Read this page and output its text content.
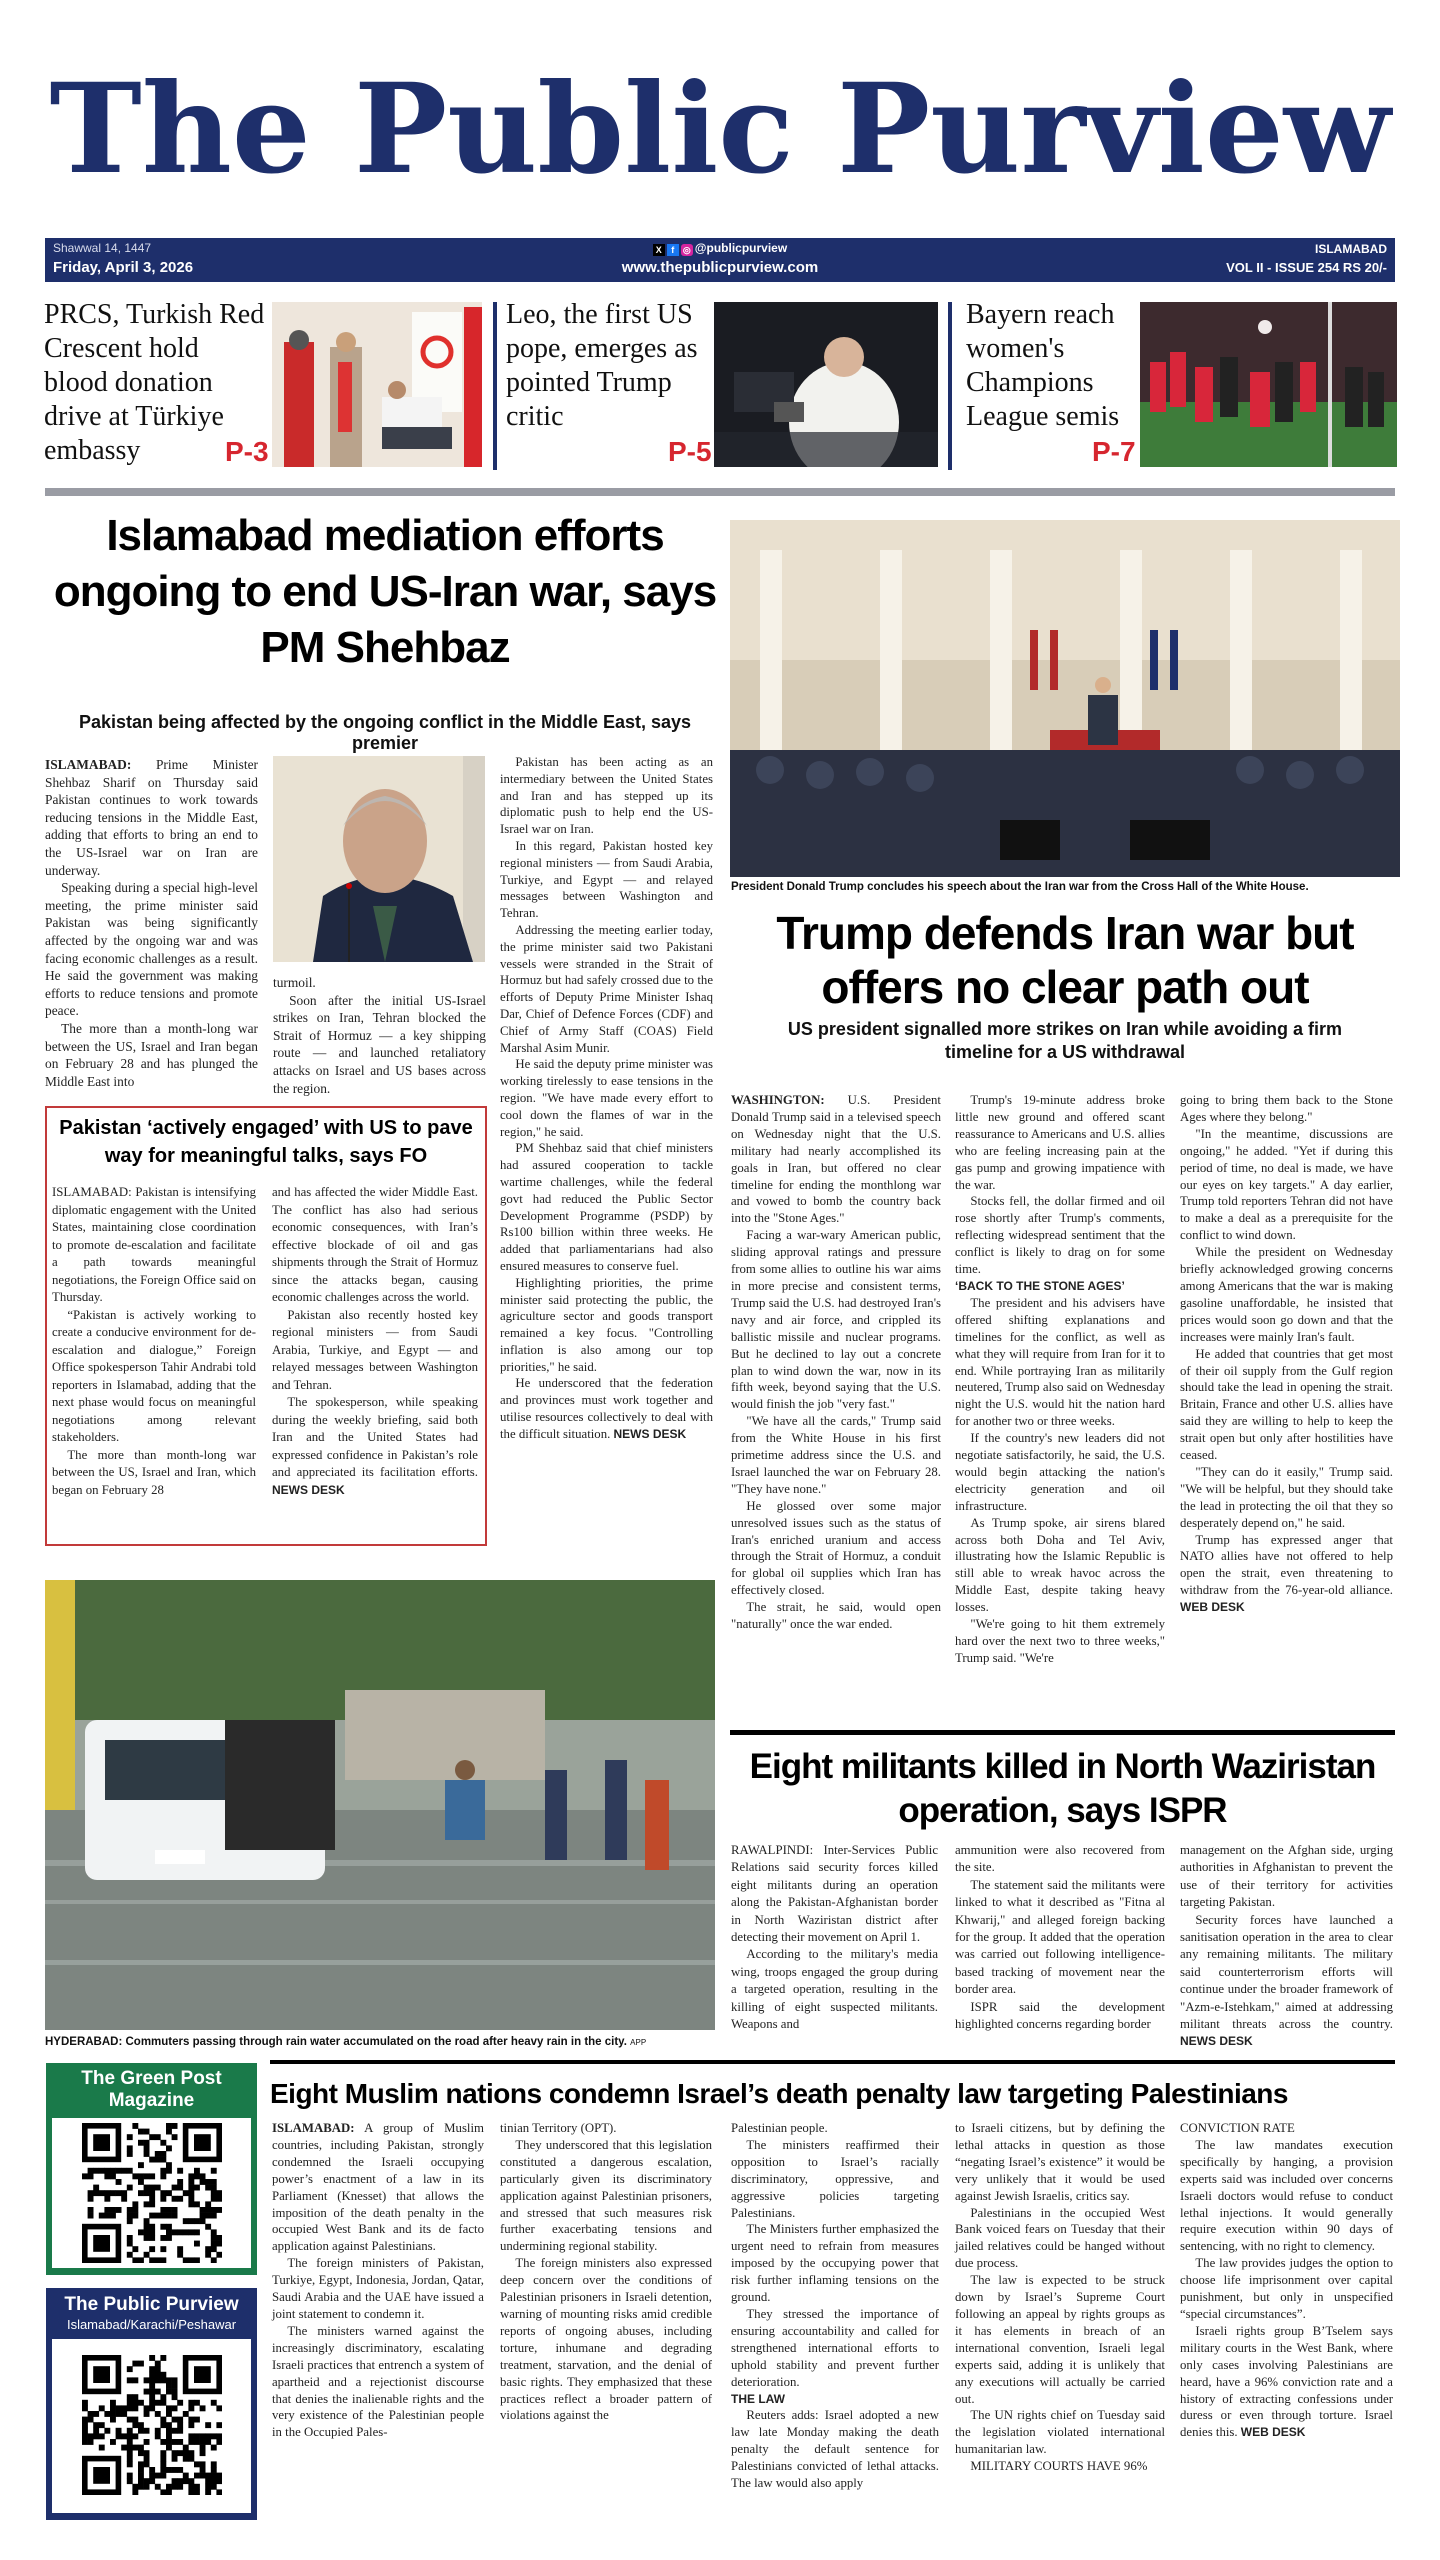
The Public Purview
Shawwal 14, 1447
Friday, April 3, 2026
X f ◎ @publicpurview
www.thepublicpurview.com
ISLAMABAD
VOL II - ISSUE 254 RS 20/-
PRCS, Turkish Red Crescent hold blood donation drive at Türkiye embassy	P-3
Leo, the first US pope, emerges as pointed Trump critic
P-5
Bayern reach women's Champions League semis
P-7
Islamabad mediation efforts ongoing to end US-Iran war, says PM Shehbaz
Pakistan being affected by the ongoing conflict in the Middle East, says premier

ISLAMABAD: Prime Minister Shehbaz Sharif on Thursday said Pakistan continues to work towards reducing tensions in the Middle East, adding that efforts to bring an end to the US-Israel war on Iran are underway.

Speaking during a special high-level meeting, the prime minister said Pakistan was being significantly affected by the ongoing war and was facing economic challenges as a result. He said the government was making efforts to reduce tensions and promote peace.

The more than a month-long war between the US, Israel and Iran began on February 28 and has plunged the Middle East into

turmoil.

Soon after the initial US-Israel strikes on Iran, Tehran blocked the Strait of Hormuz — a key shipping route — and launched retaliatory attacks on Israel and US bases across the region.

Pakistan has been acting as an intermediary between the United States and Iran and has stepped up its diplomatic push to help end the US-Israel war on Iran.

In this regard, Pakistan hosted key regional ministers — from Saudi Arabia, Turkiye, and Egypt — and relayed messages between Washington and Tehran.

Addressing the meeting earlier today, the prime minister said two Pakistani vessels were stranded in the Strait of Hormuz but had safely crossed due to the efforts of Deputy Prime Minister Ishaq Dar, Chief of Defence Forces (CDF) and Chief of Army Staff (COAS) Field Marshal Asim Munir.

He said the deputy prime minister was working tirelessly to ease tensions in the region. "We have made every effort to cool down the flames of war in the region," he said.

PM Shehbaz said that chief ministers had assured cooperation to tackle wartime challenges, while the federal govt had reduced the Public Sector Development Programme (PSDP) by Rs100 billion within three weeks. He added that parliamentarians had also ensured measures to conserve fuel.

Highlighting priorities, the prime minister said protecting the public, the agriculture sector and goods transport remained a key focus. "Controlling inflation is also among our top priorities," he said.

He underscored that the federation and provinces must work together and utilise resources collectively to deal with the difficult situation. NEWS DESK

Pakistan ‘actively engaged’ with US to pave way for meaningful talks, says FO

ISLAMABAD: Pakistan is intensifying diplomatic engagement with the United States, maintaining close coordination to promote de-escalation and facilitate a path towards meaningful negotiations, the Foreign Office said on Thursday.

“Pakistan is actively working to create a conducive environment for de-escalation and dialogue,” Foreign Office spokesperson Tahir Andrabi told reporters in Islamabad, adding that the next phase would focus on meaningful negotiations among relevant stakeholders.

The more than month-long war between the US, Israel and Iran, which began on February 28

and has affected the wider Middle East. The conflict has also had serious economic consequences, with Iran’s effective blockade of oil and gas shipments through the Strait of Hormuz since the attacks began, causing economic challenges across the world.

Pakistan also recently hosted key regional ministers — from Saudi Arabia, Turkiye, and Egypt — and relayed messages between Washington and Tehran.

The spokesperson, while speaking during the weekly briefing, said both Iran and the United States had expressed confidence in Pakistan’s role and appreciated its facilitation efforts. NEWS DESK

President Donald Trump concludes his speech about the Iran war from the Cross Hall of the White House.
Trump defends Iran war but offers no clear path out
US president signalled more strikes on Iran while avoiding a firm timeline for a US withdrawal

WASHINGTON: U.S. President Donald Trump said in a televised speech on Wednesday night that the U.S. military had nearly accomplished its goals in Iran, but offered no clear timeline for ending the monthlong war and vowed to bomb the country back into the "Stone Ages."

Facing a war-wary American public, sliding approval ratings and pressure from some allies to outline his war aims in more precise and consistent terms, Trump said the U.S. had destroyed Iran's navy and air force, and crippled its ballistic missile and nuclear programs. But he declined to lay out a concrete plan to wind down the war, now in its fifth week, beyond saying that the U.S. would finish the job "very fast."

"We have all the cards," Trump said from the White House in his first primetime address since the U.S. and Israel launched the war on February 28. "They have none."

He glossed over some major unresolved issues such as the status of Iran's enriched uranium and access through the Strait of Hormuz, a conduit for global oil supplies which Iran has effectively closed.

The strait, he said, would open "naturally" once the war ended.

Trump's 19-minute address broke little new ground and offered scant reassurance to Americans and U.S. allies who are feeling increasing pain at the gas pump and growing impatience with the war.

Stocks fell, the dollar firmed and oil rose shortly after Trump's comments, reflecting widespread sentiment that the conflict is likely to drag on for some time.

‘BACK TO THE STONE AGES’

The president and his advisers have offered shifting explanations and timelines for the conflict, as well as what they will require from Iran for it to end. While portraying Iran as militarily neutered, Trump also said on Wednesday night the U.S. would hit the nation hard for another two or three weeks.

If the country's new leaders did not negotiate satisfactorily, he said, the U.S. would begin attacking the nation's electricity generation and oil infrastructure.

As Trump spoke, air sirens blared across both Doha and Tel Aviv, illustrating how the Islamic Republic is still able to wreak havoc across the Middle East, despite taking heavy losses.

"We're going to hit them extremely hard over the next two to three weeks," Trump said. "We're

going to bring them back to the Stone Ages where they belong."

"In the meantime, discussions are ongoing," he added. "Yet if during this period of time, no deal is made, we have our eyes on key targets." A day earlier, Trump told reporters Tehran did not have to make a deal as a prerequisite for the conflict to wind down.

While the president on Wednesday briefly acknowledged growing concerns among Americans that the war is making gasoline unaffordable, he insisted that prices would soon go down and that the increases were mainly Iran's fault.

He added that countries that get most of their oil supply from the Gulf region should take the lead in opening the strait. Britain, France and other U.S. allies have said they are willing to help to keep the strait open but only after hostilities have ceased.

"They can do it easily," Trump said. "We will be helpful, but they should take the lead in protecting the oil that they so desperately depend on," he said.

Trump has expressed anger that NATO allies have not offered to help open the strait, even threatening to withdraw from the 76-year-old alliance. WEB DESK

HYDERABAD: Commuters passing through rain water accumulated on the road after heavy rain in the city. APP
Eight militants killed in North Waziristan operation, says ISPR

RAWALPINDI: Inter-Services Public Relations said security forces killed eight militants during an operation along the Pakistan-Afghanistan border in North Waziristan district after detecting their movement on April 1.

According to the military's media wing, troops engaged the group during a targeted operation, resulting in the killing of eight suspected militants. Weapons and

ammunition were also recovered from the site.

The statement said the militants were linked to what it described as "Fitna al Khwarij," and alleged foreign backing for the group. It added that the operation was carried out following intelligence-based tracking of movement near the border area.

ISPR said the development highlighted concerns regarding border

management on the Afghan side, urging authorities in Afghanistan to prevent the use of their territory for activities targeting Pakistan.

Security forces have launched a sanitisation operation in the area to clear any remaining militants. The military said counterterrorism efforts will continue under the broader framework of "Azm-e-Istehkam," aimed at addressing militant threats across the country. NEWS DESK

The Green Post Magazine
The Public Purview
Islamabad/Karachi/Peshawar
Eight Muslim nations condemn Israel’s death penalty law targeting Palestinians

ISLAMABAD: A group of Muslim countries, including Pakistan, strongly condemned the Israeli occupying power’s enactment of a law in its Parliament (Knesset) that allows the imposition of the death penalty in the occupied West Bank and its de facto application against Palestinians.

The foreign ministers of Pakistan, Turkiye, Egypt, Indonesia, Jordan, Qatar, Saudi Arabia and the UAE have issued a joint statement to condemn it.

The ministers warned against the increasingly discriminatory, escalating Israeli practices that entrench a system of apartheid and a rejectionist discourse that denies the inalienable rights and the very existence of the Palestinian people in the Occupied Pales-

tinian Territory (OPT).

They underscored that this legislation constituted a dangerous escalation, particularly given its discriminatory application against Palestinian prisoners, and stressed that such measures risk further exacerbating tensions and undermining regional stability.

The foreign ministers also expressed deep concern over the conditions of Palestinian prisoners in Israeli detention, warning of mounting risks amid credible reports of ongoing abuses, including torture, inhumane and degrading treatment, starvation, and the denial of basic rights. They emphasized that these practices reflect a broader pattern of violations against the

Palestinian people.

The ministers reaffirmed their opposition to Israel’s racially discriminatory, oppressive, and aggressive policies targeting Palestinians.

The Ministers further emphasized the urgent need to refrain from measures imposed by the occupying power that risk further inflaming tensions on the ground.

They stressed the importance of ensuring accountability and called for strengthened international efforts to uphold stability and prevent further deterioration.

THE LAW

Reuters adds: Israel adopted a new law late Monday making the death penalty the default sentence for Palestinians convicted of lethal attacks. The law would also apply

to Israeli citizens, but by defining the lethal attacks in question as those “negating Israel’s existence” it would be very unlikely that it would be used against Jewish Israelis, critics say.

Palestinians in the occupied West Bank voiced fears on Tuesday that their jailed relatives could be hanged without due process.

The law is expected to be struck down by Israel’s Supreme Court following an appeal by rights groups as it has elements in breach of an international convention, Israeli legal experts said, adding it is unlikely that any executions will actually be carried out.

The UN rights chief on Tuesday said the legislation violated international humanitarian law.

MILITARY COURTS HAVE 96%

CONVICTION RATE

The law mandates execution specifically by hanging, a provision experts said was included over concerns Israeli doctors would refuse to conduct lethal injections. It would generally require execution within 90 days of sentencing, with no right to clemency.

The law provides judges the option to choose life imprisonment over capital punishment, but only in unspecified “special circumstances”.

Israeli rights group B’Tselem says military courts in the West Bank, where only cases involving Palestinians are heard, have a 96% conviction rate and a history of extracting confessions under duress or even through torture. Israel denies this. WEB DESK
